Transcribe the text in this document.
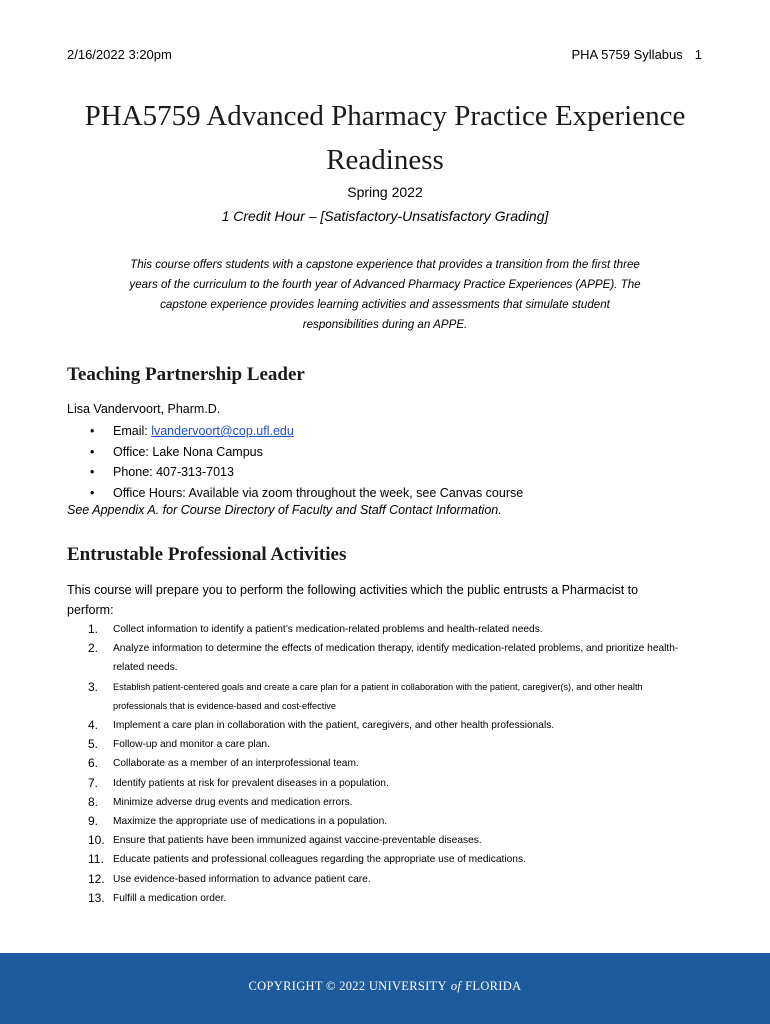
2/16/2022 3:20pm	PHA 5759 Syllabus 1
PHA5759 Advanced Pharmacy Practice Experience
Readiness
Spring 2022
1 Credit Hour – [Satisfactory-Unsatisfactory Grading]
This course offers students with a capstone experience that provides a transition from the first three years of the curriculum to the fourth year of Advanced Pharmacy Practice Experiences (APPE). The capstone experience provides learning activities and assessments that simulate student responsibilities during an APPE.
Teaching Partnership Leader
Lisa Vandervoort, Pharm.D.
• Email: lvandervoort@cop.ufl.edu
• Office: Lake Nona Campus
• Phone: 407-313-7013
• Office Hours: Available via zoom throughout the week, see Canvas course
See Appendix A. for Course Directory of Faculty and Staff Contact Information.
Entrustable Professional Activities
This course will prepare you to perform the following activities which the public entrusts a Pharmacist to perform:
1. Collect information to identify a patient’s medication-related problems and health-related needs.
2. Analyze information to determine the effects of medication therapy, identify medication-related problems, and prioritize health-related needs.
3. Establish patient-centered goals and create a care plan for a patient in collaboration with the patient, caregiver(s), and other health professionals that is evidence-based and cost-effective
4. Implement a care plan in collaboration with the patient, caregivers, and other health professionals.
5. Follow-up and monitor a care plan.
6. Collaborate as a member of an interprofessional team.
7. Identify patients at risk for prevalent diseases in a population.
8. Minimize adverse drug events and medication errors.
9. Maximize the appropriate use of medications in a population.
10. Ensure that patients have been immunized against vaccine-preventable diseases.
11. Educate patients and professional colleagues regarding the appropriate use of medications.
12. Use evidence-based information to advance patient care.
13. Fulfill a medication order.
COPYRIGHT © 2022 UNIVERSITY of FLORIDA
